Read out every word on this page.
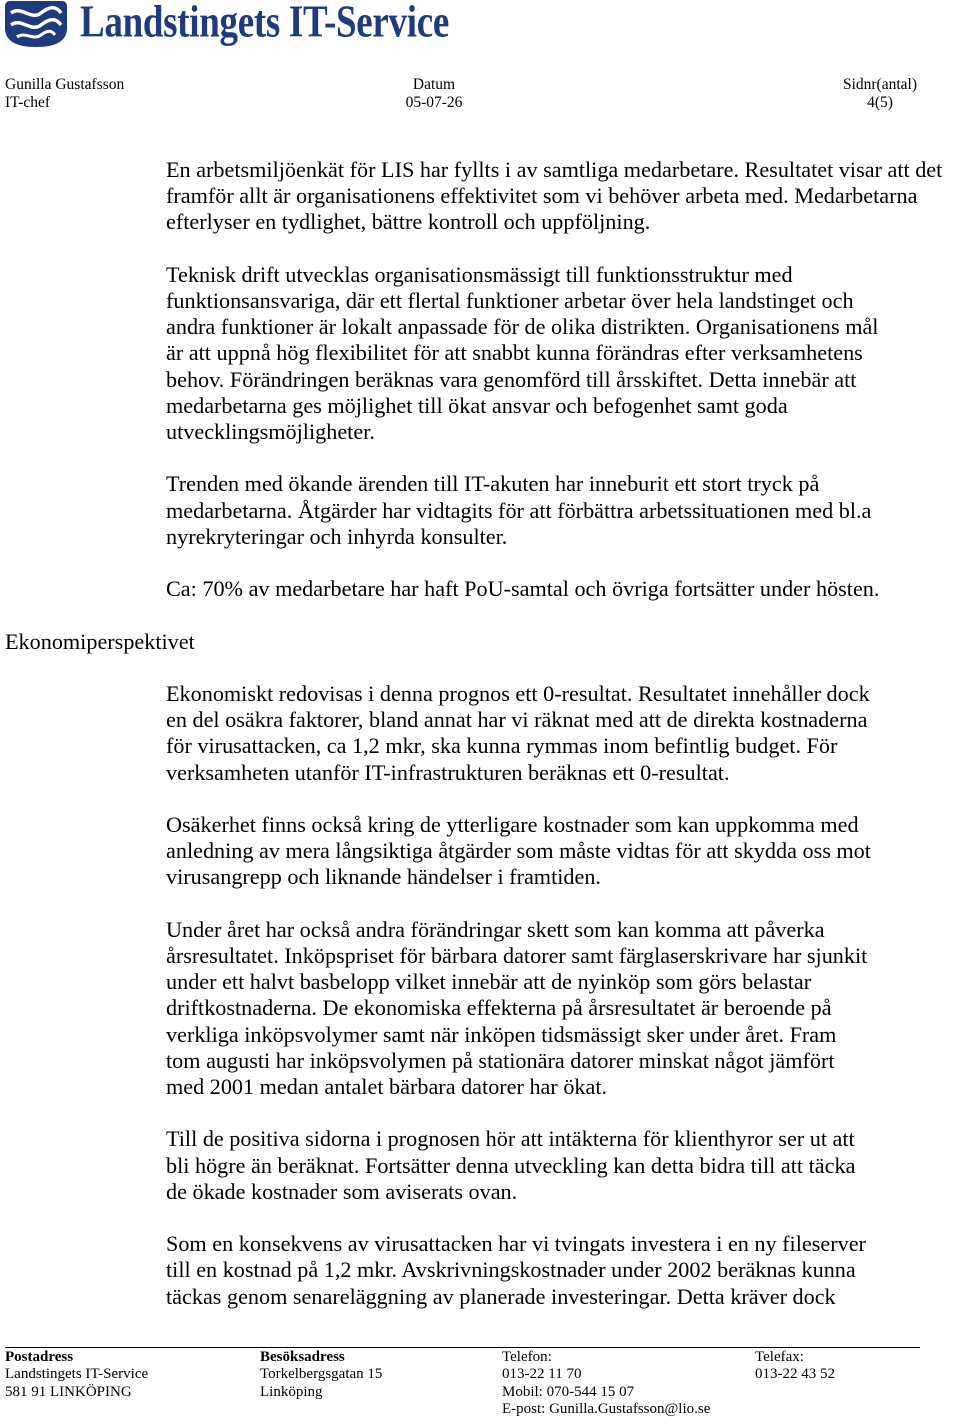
Landstingets IT-Service
Gunilla Gustafsson
IT-chef
Datum
05-07-26
Sidnr(antal)
4(5)

En arbetsmiljöenkät för LIS har fyllts i av samtliga medarbetare. Resultatet visar att det
framför allt är organisationens effektivitet som vi behöver arbeta med. Medarbetarna
efterlyser en tydlighet, bättre kontroll och uppföljning.

Teknisk drift utvecklas organisationsmässigt till funktionsstruktur med
funktionsansvariga, där ett flertal funktioner arbetar över hela landstinget och
andra funktioner är lokalt anpassade för de olika distrikten. Organisationens mål
är att uppnå hög flexibilitet för att snabbt kunna förändras efter verksamhetens
behov. Förändringen beräknas vara genomförd till årsskiftet. Detta innebär att
medarbetarna ges möjlighet till ökat ansvar och befogenhet samt goda
utvecklingsmöjligheter.

Trenden med ökande ärenden till IT-akuten har inneburit ett stort tryck på
medarbetarna. Åtgärder har vidtagits för att förbättra arbetssituationen med bl.a
nyrekryteringar och inhyrda konsulter.

Ca: 70% av medarbetare har haft PoU-samtal och övriga fortsätter under hösten.

Ekonomiperspektivet

Ekonomiskt redovisas i denna prognos ett 0-resultat. Resultatet innehåller dock
en del osäkra faktorer, bland annat har vi räknat med att de direkta kostnaderna
för virusattacken, ca 1,2 mkr, ska kunna rymmas inom befintlig budget. För
verksamheten utanför IT-infrastrukturen beräknas ett 0-resultat.

Osäkerhet finns också kring de ytterligare kostnader som kan uppkomma med
anledning av mera långsiktiga åtgärder som måste vidtas för att skydda oss mot
virusangrepp och liknande händelser i framtiden.

Under året har också andra förändringar skett som kan komma att påverka
årsresultatet. Inköpspriset för bärbara datorer samt färglaserskrivare har sjunkit
under ett halvt basbelopp vilket innebär att de nyinköp som görs belastar
driftkostnaderna. De ekonomiska effekterna på årsresultatet är beroende på
verkliga inköpsvolymer samt när inköpen tidsmässigt sker under året. Fram
tom augusti har inköpsvolymen på stationära datorer minskat något jämfört
med 2001 medan antalet bärbara datorer har ökat.

Till de positiva sidorna i prognosen hör att intäkterna för klienthyror ser ut att
bli högre än beräknat. Fortsätter denna utveckling kan detta bidra till att täcka
de ökade kostnader som aviserats ovan.

Som en konsekvens av virusattacken har vi tvingats investera i en ny fileserver
till en kostnad på 1,2 mkr. Avskrivningskostnader under 2002 beräknas kunna
täckas genom senareläggning av planerade investeringar. Detta kräver dock

Postadress
Landstingets IT-Service
581 91 LINKÖPING
Besöksadress
Torkelbergsgatan 15
Linköping
Telefon:
013-22 11 70
Mobil: 070-544 15 07
E-post: Gunilla.Gustafsson@lio.se
Telefax:
013-22 43 52
